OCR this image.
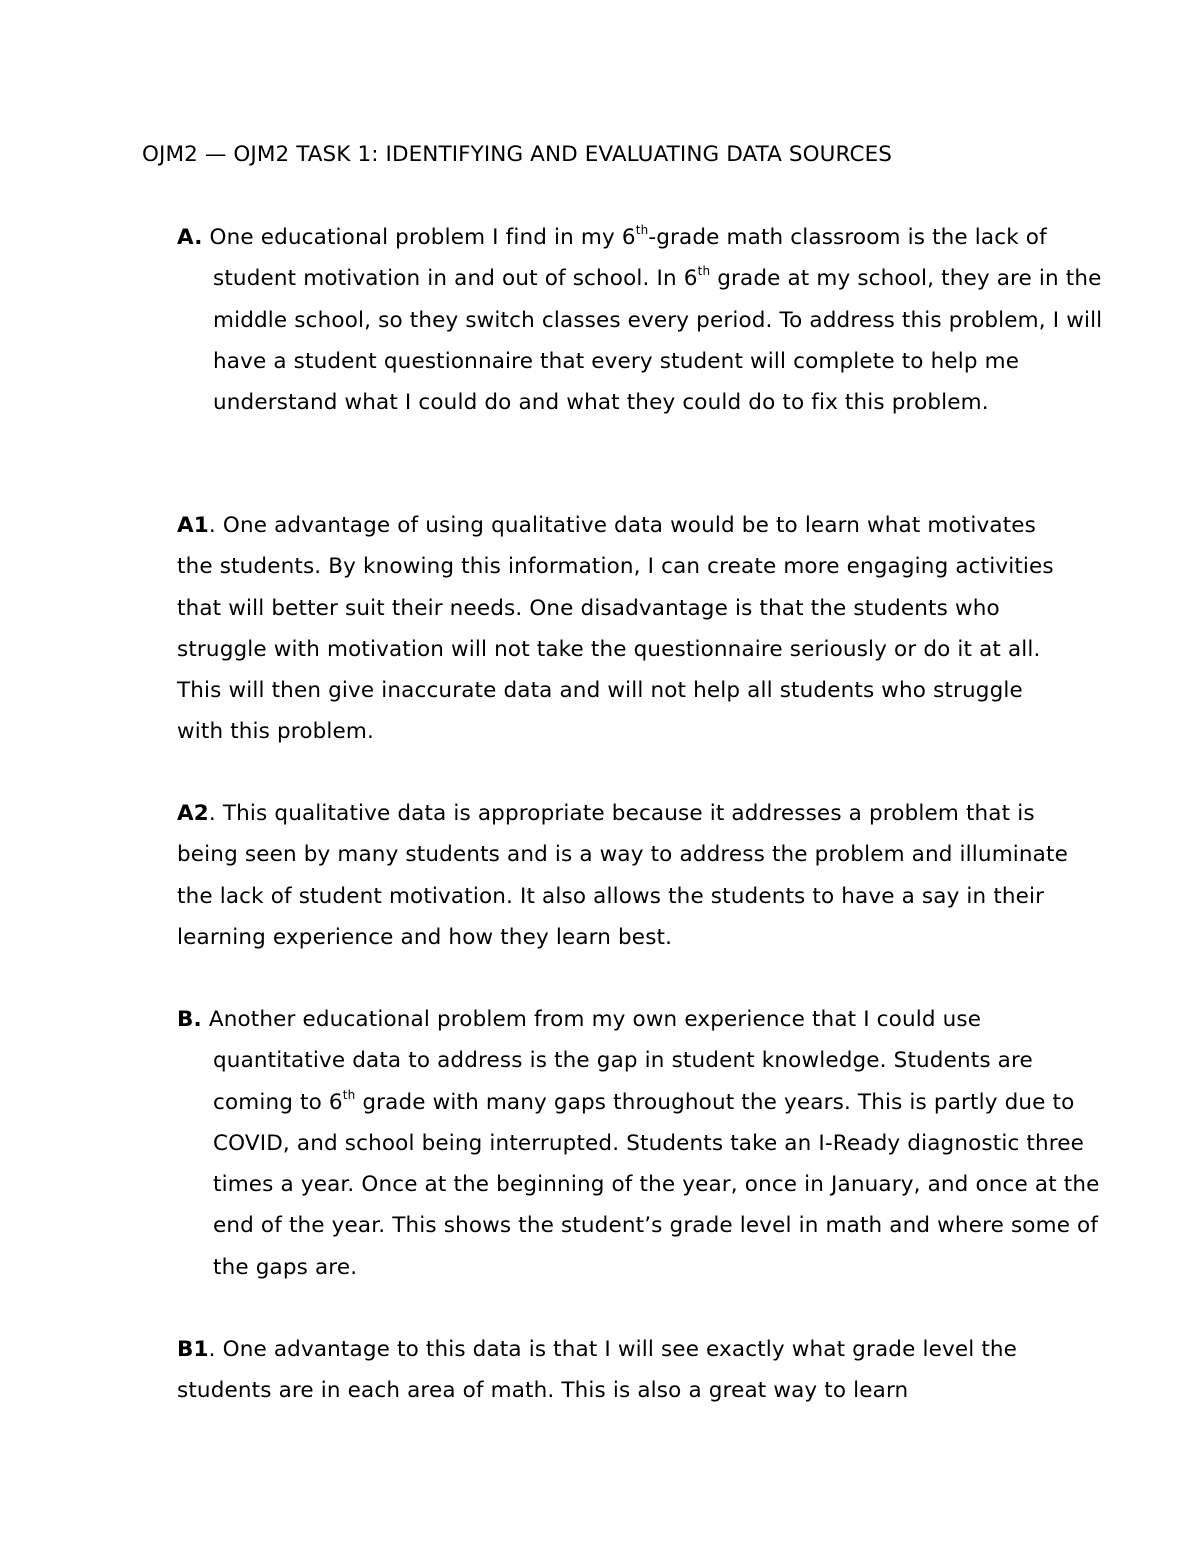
OJM2 — OJM2 TASK 1: IDENTIFYING AND EVALUATING DATA SOURCES
A. One educational problem I find in my 6th-grade math classroom is the lack of student motivation in and out of school. In 6th grade at my school, they are in the middle school, so they switch classes every period. To address this problem, I will have a student questionnaire that every student will complete to help me understand what I could do and what they could do to fix this problem.
A1. One advantage of using qualitative data would be to learn what motivates the students. By knowing this information, I can create more engaging activities that will better suit their needs. One disadvantage is that the students who struggle with motivation will not take the questionnaire seriously or do it at all. This will then give inaccurate data and will not help all students who struggle with this problem.
A2. This qualitative data is appropriate because it addresses a problem that is being seen by many students and is a way to address the problem and illuminate the lack of student motivation. It also allows the students to have a say in their learning experience and how they learn best.
B. Another educational problem from my own experience that I could use quantitative data to address is the gap in student knowledge. Students are coming to 6th grade with many gaps throughout the years. This is partly due to COVID, and school being interrupted. Students take an I-Ready diagnostic three times a year. Once at the beginning of the year, once in January, and once at the end of the year. This shows the student’s grade level in math and where some of the gaps are.
B1. One advantage to this data is that I will see exactly what grade level the students are in each area of math. This is also a great way to learn
